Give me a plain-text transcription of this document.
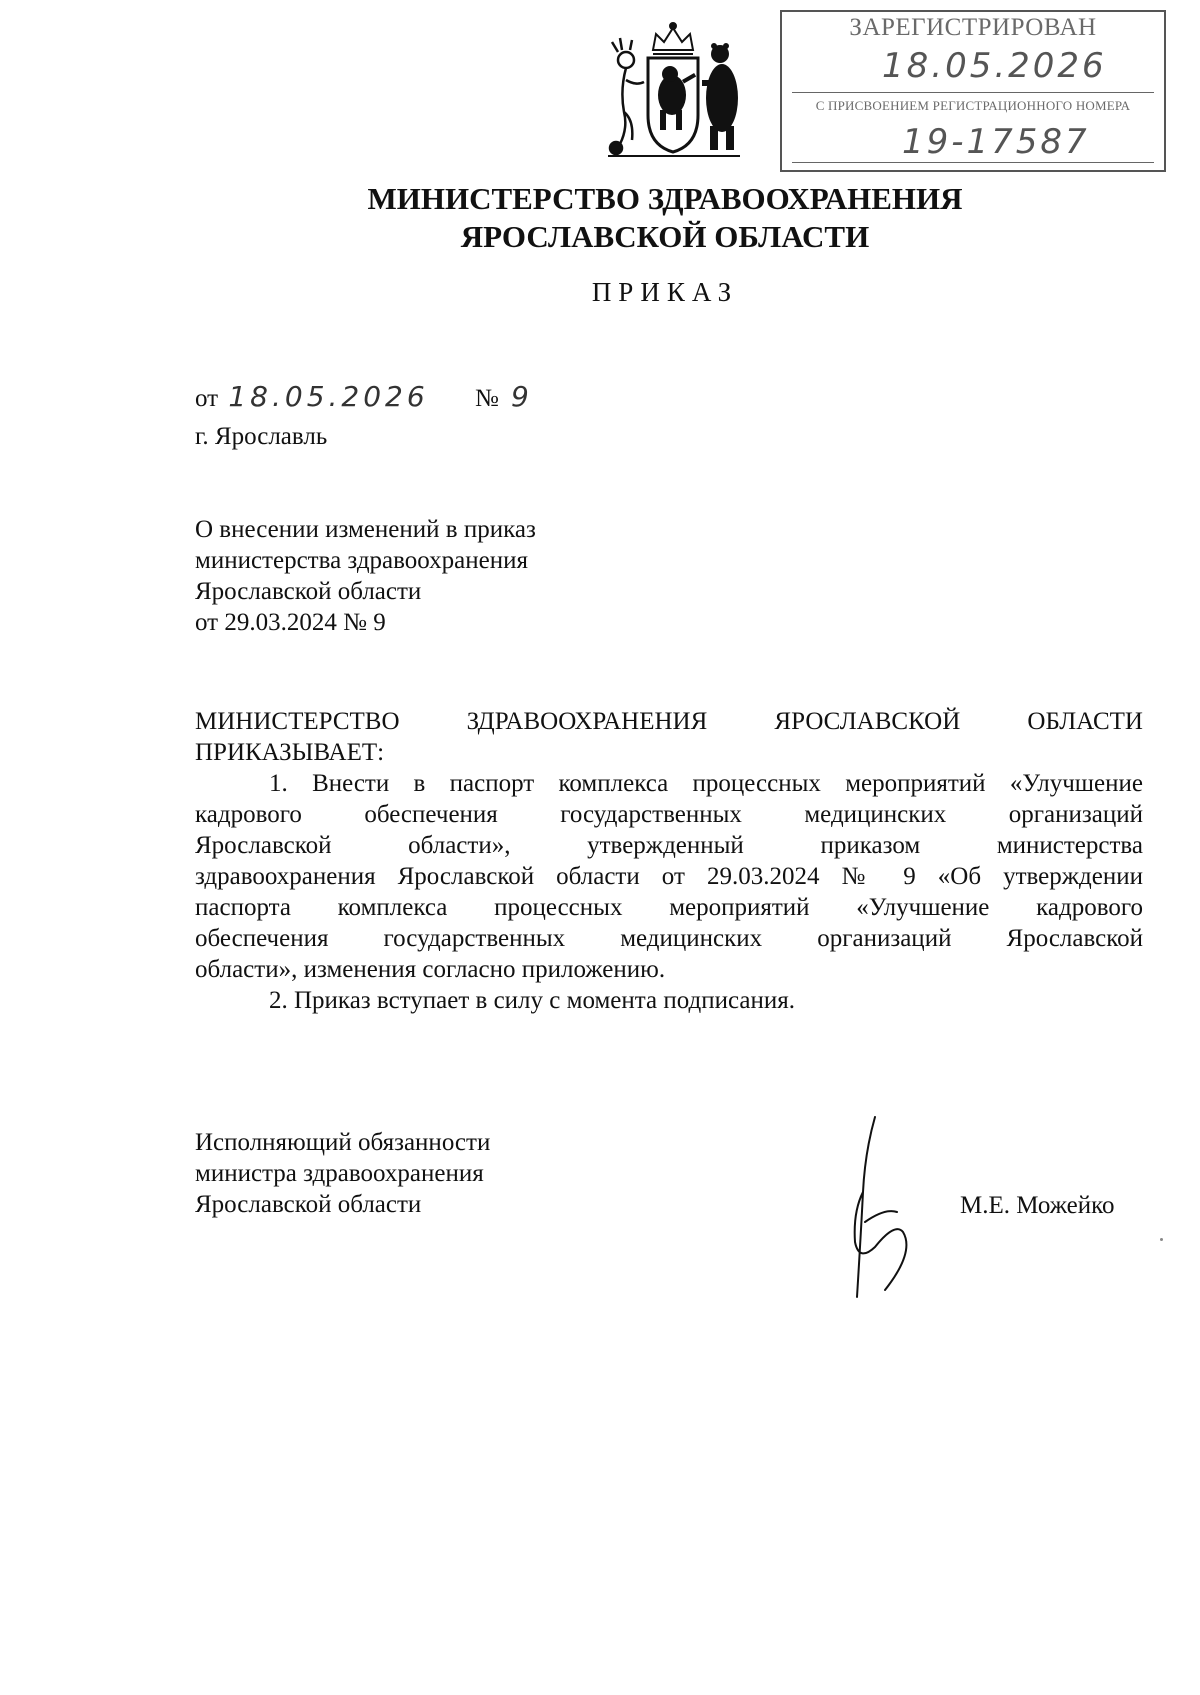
ЗАРЕГИСТРИРОВАН
18.05.2026
С ПРИСВОЕНИЕМ РЕГИСТРАЦИОННОГО НОМЕРА
19-17587
МИНИСТЕРСТВО ЗДРАВООХРАНЕНИЯ
ЯРОСЛАВСКОЙ ОБЛАСТИ
ПРИКАЗ
от 18.05.2026 № 9
г. Ярославль
О внесении изменений в приказ
министерства здравоохранения
Ярославской области
от 29.03.2024 № 9
МИНИСТЕРСТВО ЗДРАВООХРАНЕНИЯ ЯРОСЛАВСКОЙ ОБЛАСТИ
ПРИКАЗЫВАЕТ:
1. Внести в паспорт комплекса процессных мероприятий «Улучшение
кадрового обеспечения государственных медицинских организаций
Ярославской области», утвержденный приказом министерства
здравоохранения Ярославской области от 29.03.2024 № 9 «Об утверждении
паспорта комплекса процессных мероприятий «Улучшение кадрового
обеспечения государственных медицинских организаций Ярославской
области», изменения согласно приложению.
2. Приказ вступает в силу с момента подписания.
Исполняющий обязанности
министра здравоохранения
Ярославской области	М.Е. Можейко
